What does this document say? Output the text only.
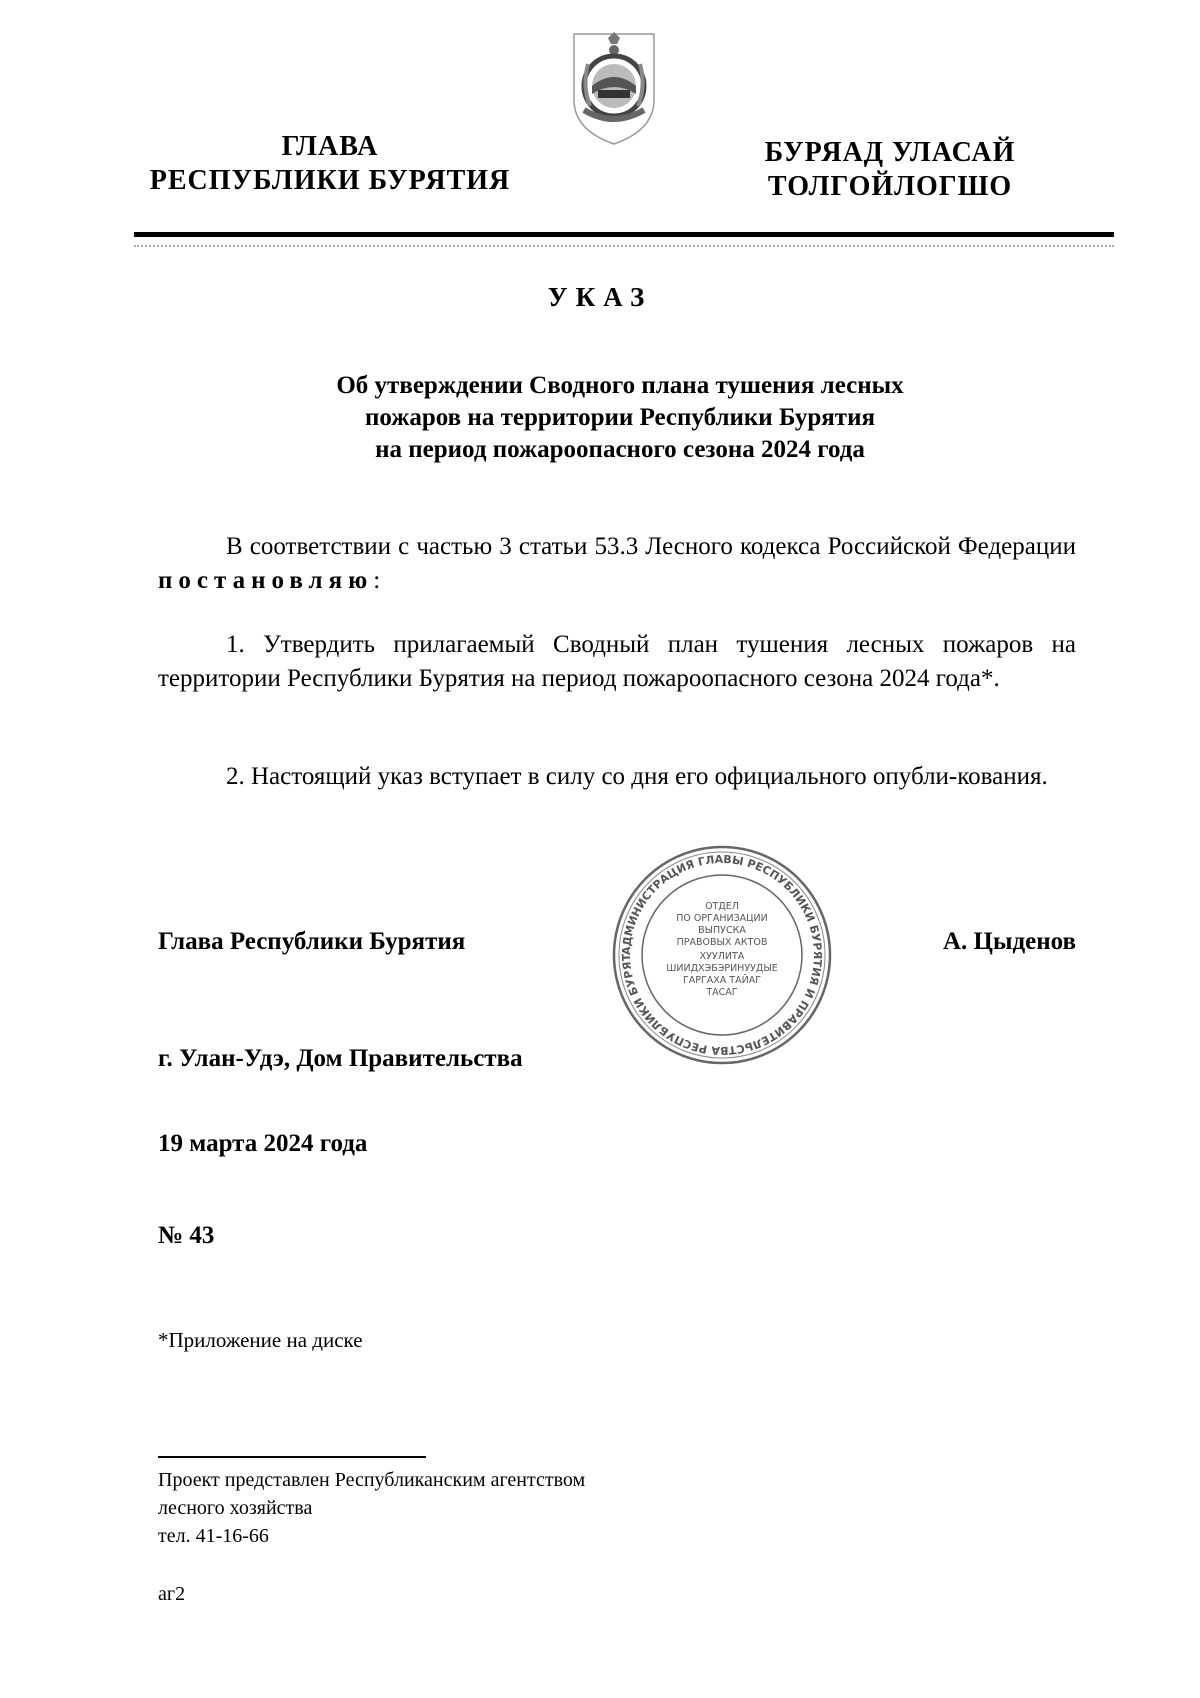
ГЛАВА
РЕСПУБЛИКИ БУРЯТИЯ
БУРЯАД УЛАСАЙ
ТОЛГОЙЛОГШО
УКАЗ
Об утверждении Сводного плана тушения лесных
пожаров на территории Республики Бурятия
на период пожароопасного сезона 2024 года
В соответствии с частью 3 статьи 53.3 Лесного кодекса Российской Федерации постановляю:
1. Утвердить прилагаемый Сводный план тушения лесных пожаров на территории Республики Бурятия на период пожароопасного сезона 2024 года*.
2. Настоящий указ вступает в силу со дня его официального опубли-кования.
АДМИНИСТРАЦИЯ ГЛАВЫ РЕСПУБЛИКИ БУРЯТИЯ И ПРАВИТЕЛЬСТВА РЕСПУБЛИКИ БУРЯТ
ОТДЕЛ
ПО ОРГАНИЗАЦИИ
ВЫПУСКА
ПРАВОВЫХ АКТОВ
ХУУЛИТА
ШИИДХЭБЭРИНУУДЫЕ
ГАРГАХА ТАЙАГ
ТАСАГ
Глава Республики Бурятия	А. Цыденов
г. Улан-Удэ, Дом Правительства
19 марта 2024 года
№ 43
*Приложение на диске
Проект представлен Республиканским агентством
лесного хозяйства
тел. 41-16-66
аг2
